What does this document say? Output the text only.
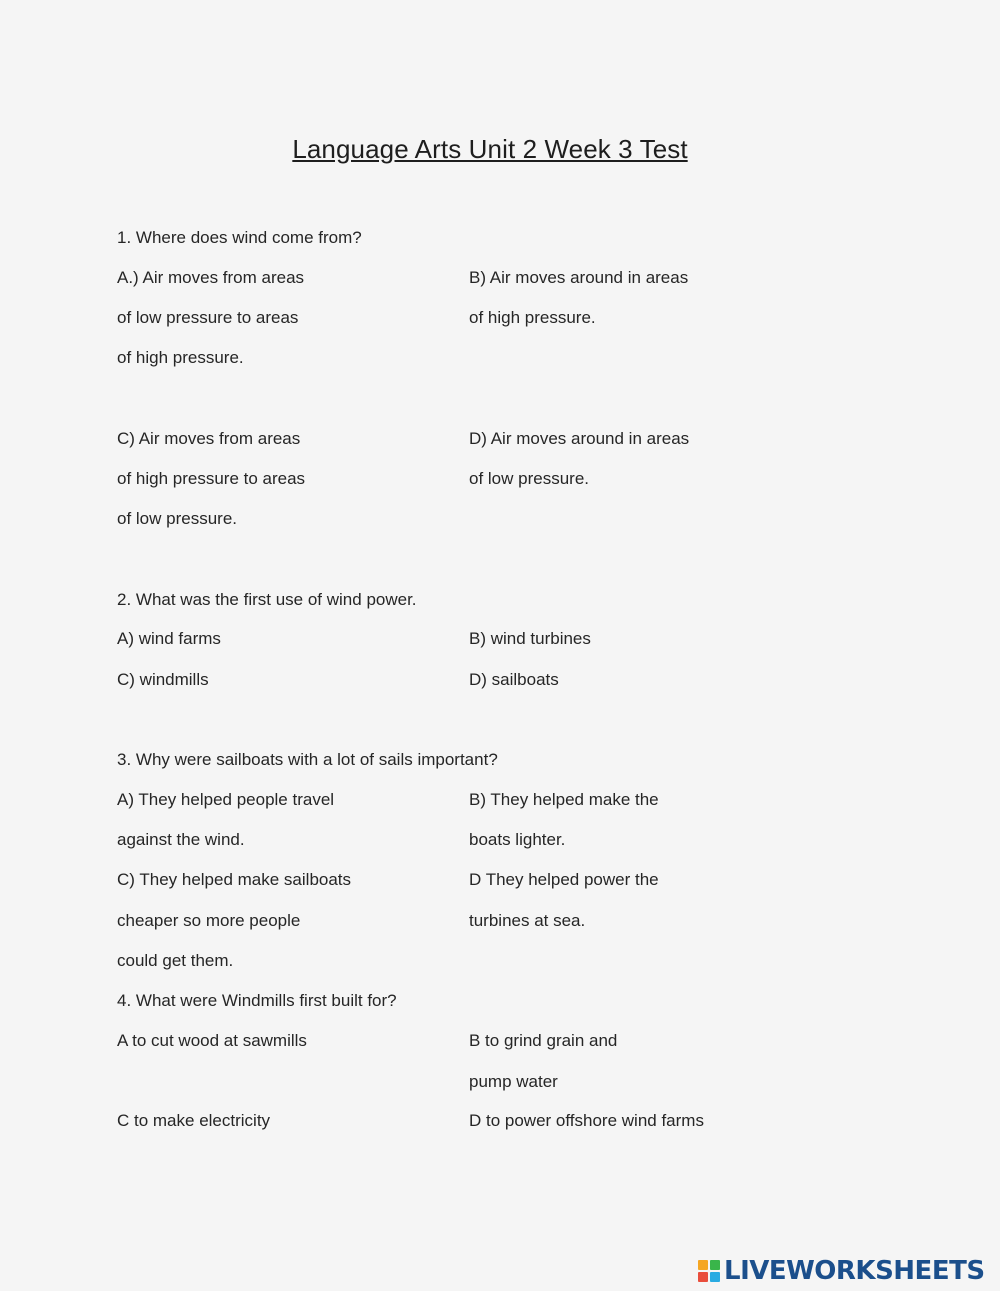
Language Arts Unit 2 Week 3 Test
1. Where does wind come from?
A.) Air moves from areas
of low pressure to areas
of high pressure.
B) Air moves around in areas
of high pressure.
C) Air moves from areas
of high pressure to areas
of low pressure.
D) Air moves around in areas
of low pressure.
2. What was the first use of wind power.
A) wind farms	B) wind turbines
C) windmills	D) sailboats
3. Why were sailboats with a lot of sails important?
A) They helped people travel
against the wind.
B) They helped make the
boats lighter.
C) They helped make sailboats
cheaper so more people
could get them.
D They helped power the
turbines at sea.
4. What were Windmills first built for?
A to cut wood at sawmills	B to grind grain and
pump water
C to make electricity	D to power offshore wind farms
LIVEWORKSHEETS
